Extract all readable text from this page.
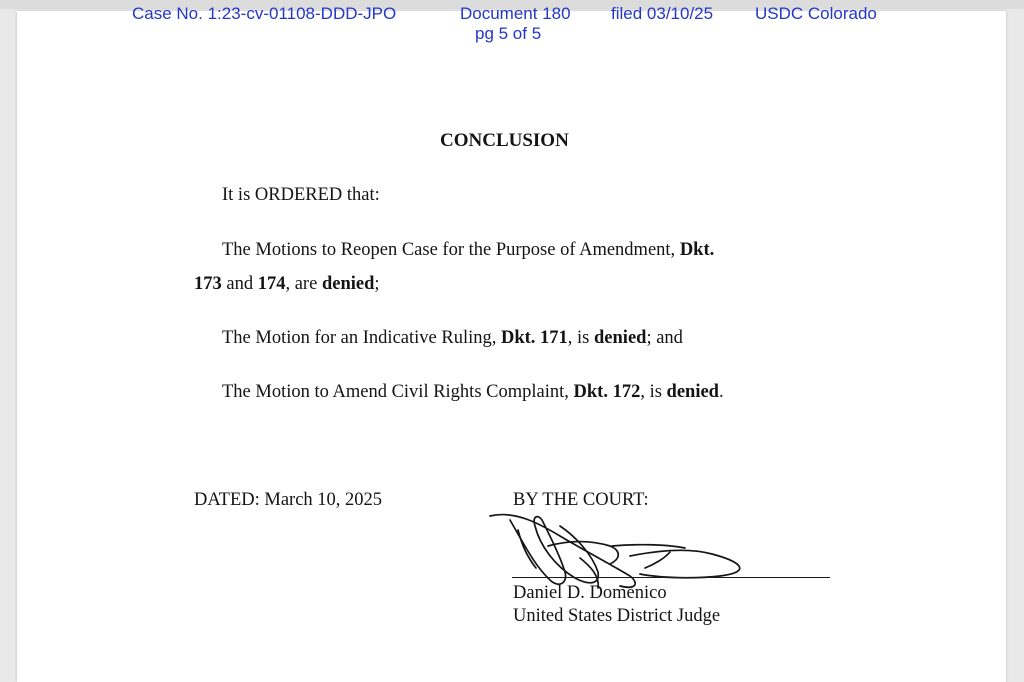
Case No. 1:23-cv-01108-DDD-JPO	Document 180 filed 03/10/25 USDC Colorado
pg 5 of 5
CONCLUSION
It is ORDERED that:
The Motions to Reopen Case for the Purpose of Amendment, Dkt.
173 and 174, are denied;
The Motion for an Indicative Ruling, Dkt. 171, is denied; and
The Motion to Amend Civil Rights Complaint, Dkt. 172, is denied.
DATED: March 10, 2025	BY THE COURT:
Daniel D. Domenico
United States District Judge
